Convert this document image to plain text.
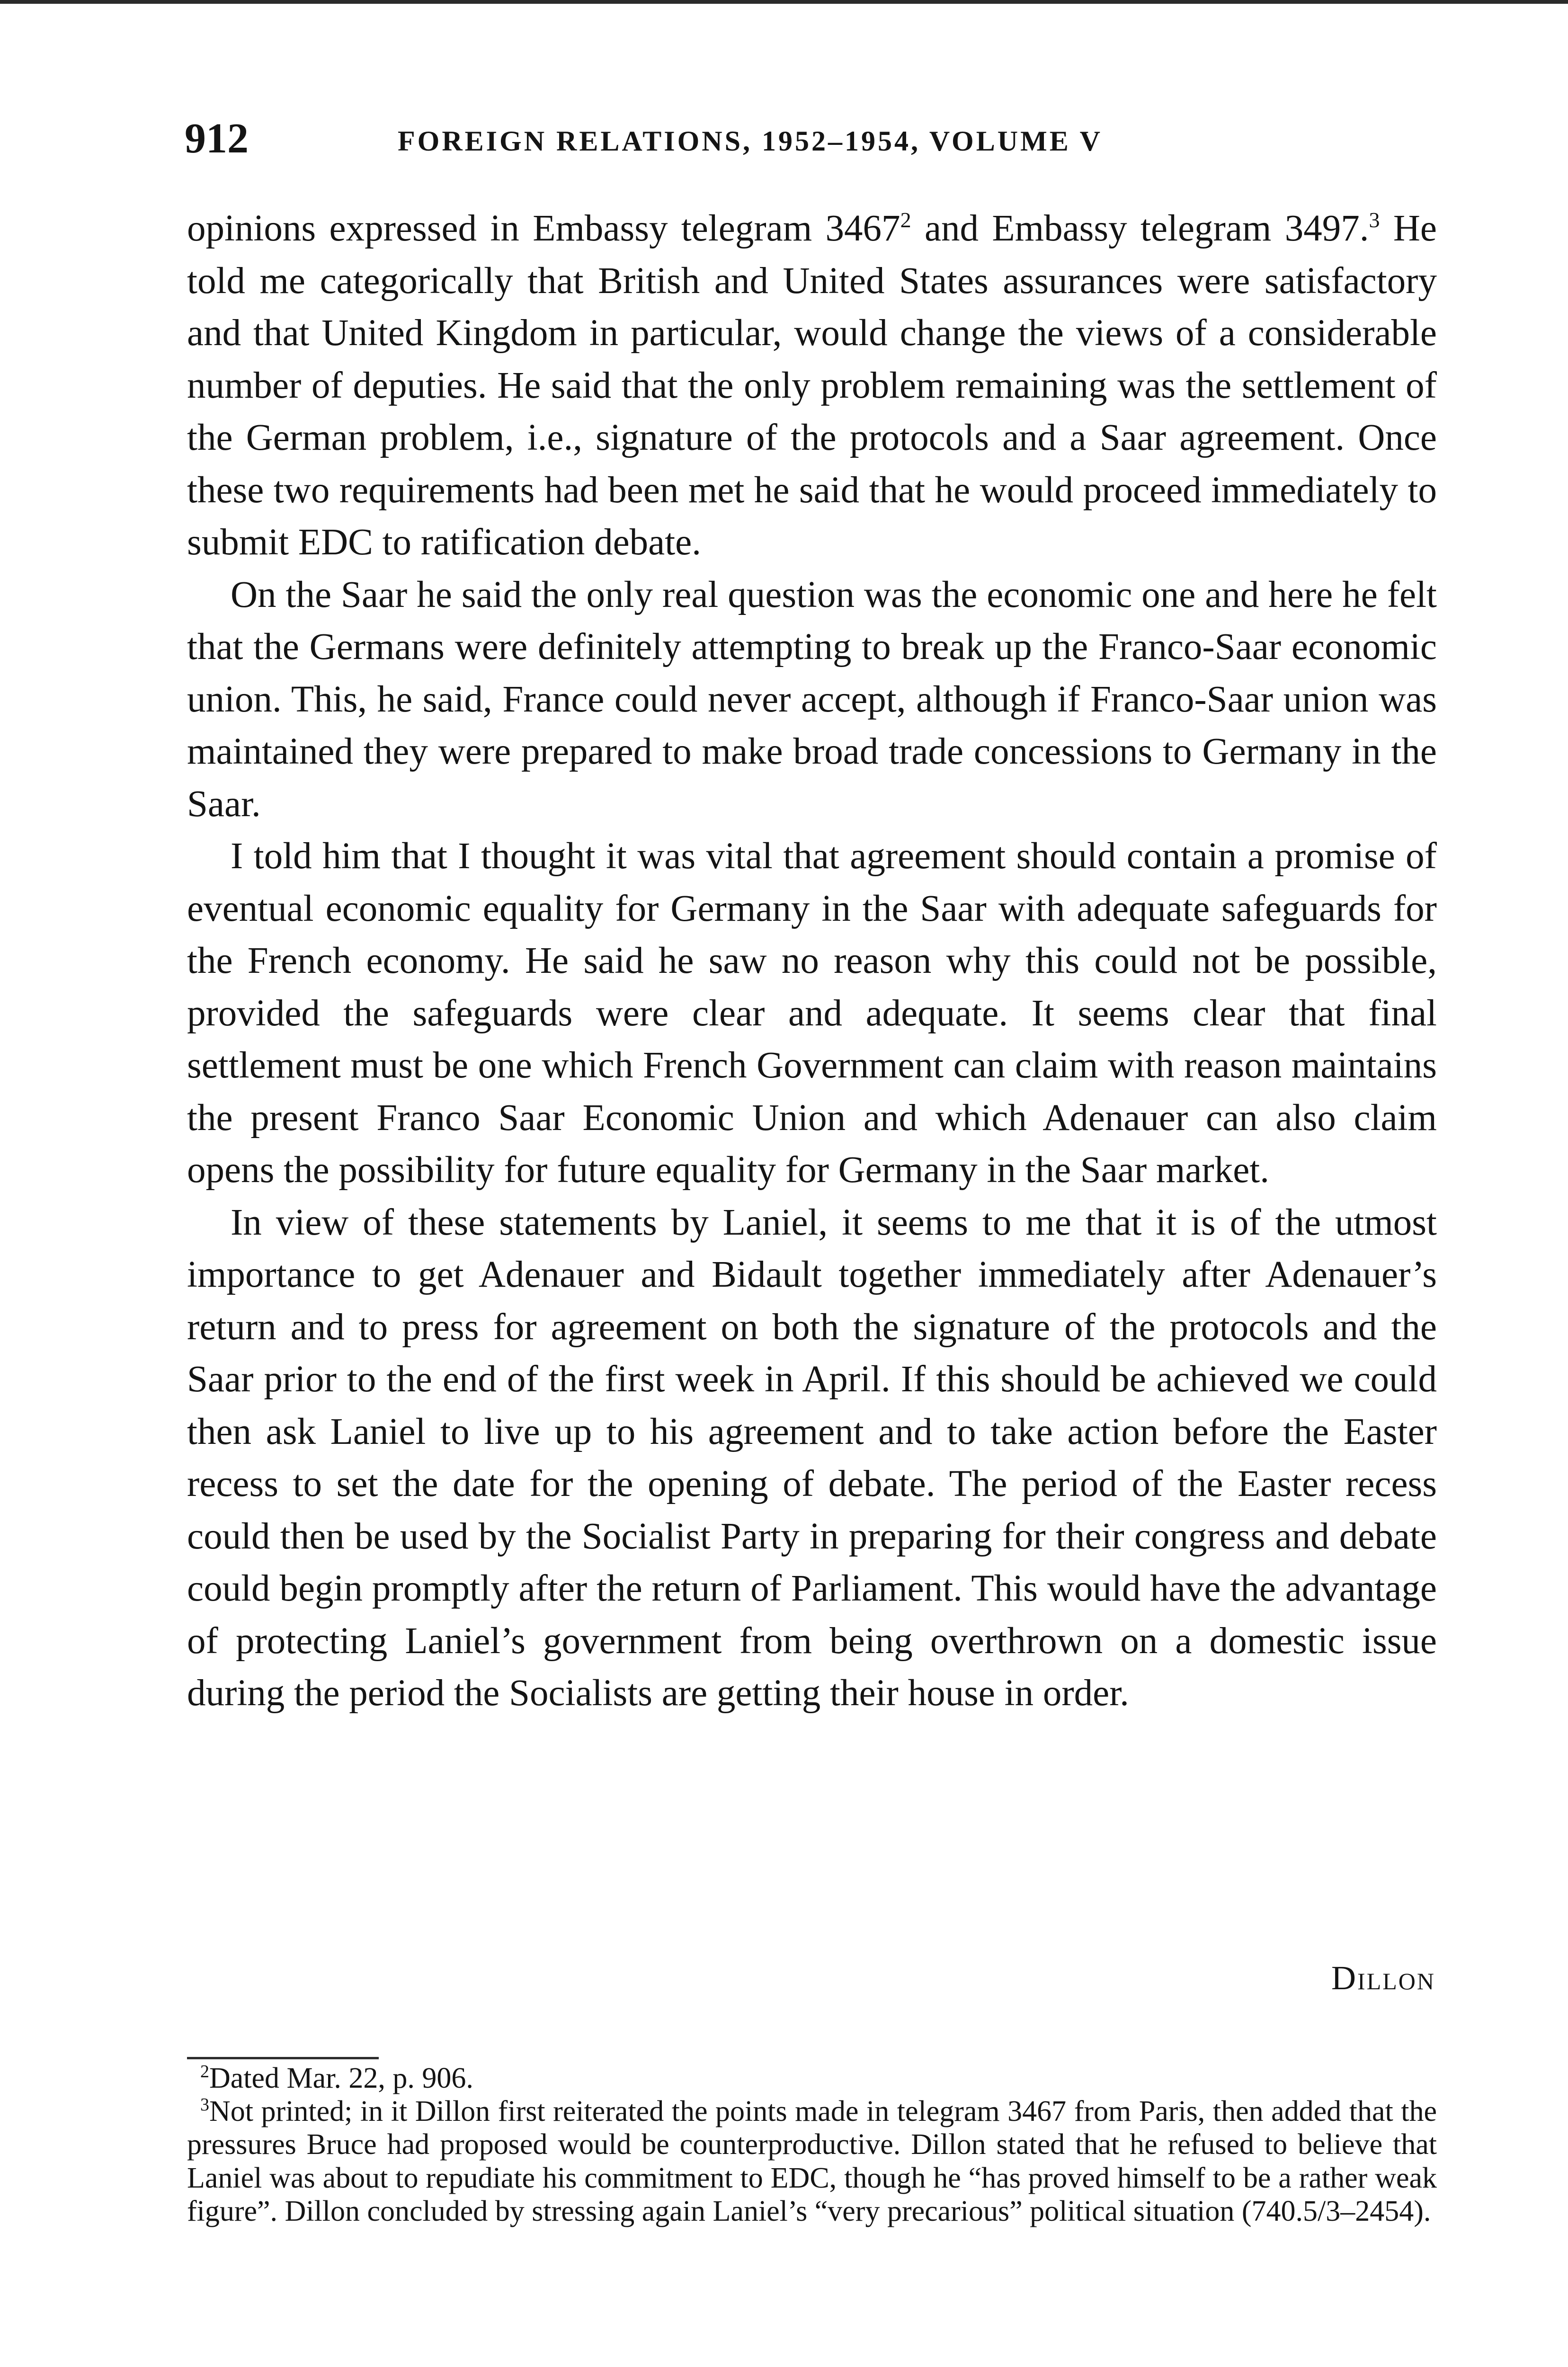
912	FOREIGN RELATIONS, 1952–1954, VOLUME V

opinions expressed in Embassy telegram 3467$^2$ and Embassy telegram 3497.$^3$ He told me categorically that British and United States assurances were satisfactory and that United Kingdom in particular, would change the views of a considerable number of deputies. He said that the only problem remaining was the settlement of the German problem, i.e., signature of the protocols and a Saar agreement. Once these two requirements had been met he said that he would proceed immediately to submit EDC to ratification debate.

On the Saar he said the only real question was the economic one and here he felt that the Germans were definitely attempting to break up the Franco-Saar economic union. This, he said, France could never accept, although if Franco-Saar union was maintained they were prepared to make broad trade concessions to Germany in the Saar.

I told him that I thought it was vital that agreement should contain a promise of eventual economic equality for Germany in the Saar with adequate safeguards for the French economy. He said he saw no reason why this could not be possible, provided the safeguards were clear and adequate. It seems clear that final settlement must be one which French Government can claim with reason maintains the present Franco Saar Economic Union and which Adenauer can also claim opens the possibility for future equality for Germany in the Saar market.

In view of these statements by Laniel, it seems to me that it is of the utmost importance to get Adenauer and Bidault together immediately after Adenauer’s return and to press for agreement on both the signature of the protocols and the Saar prior to the end of the first week in April. If this should be achieved we could then ask Laniel to live up to his agreement and to take action before the Easter recess to set the date for the opening of debate. The period of the Easter recess could then be used by the Socialist Party in preparing for their congress and debate could begin promptly after the return of Parliament. This would have the advantage of protecting Laniel’s government from being overthrown on a domestic issue during the period the Socialists are getting their house in order.

Dillon

$^2$Dated Mar. 22, p. 906.

$^3$Not printed; in it Dillon first reiterated the points made in telegram 3467 from Paris, then added that the pressures Bruce had proposed would be counterproductive. Dillon stated that he refused to believe that Laniel was about to repudiate his commitment to EDC, though he “has proved himself to be a rather weak figure”. Dillon concluded by stressing again Laniel’s “very precarious” political situation (740.5/3–2454).
